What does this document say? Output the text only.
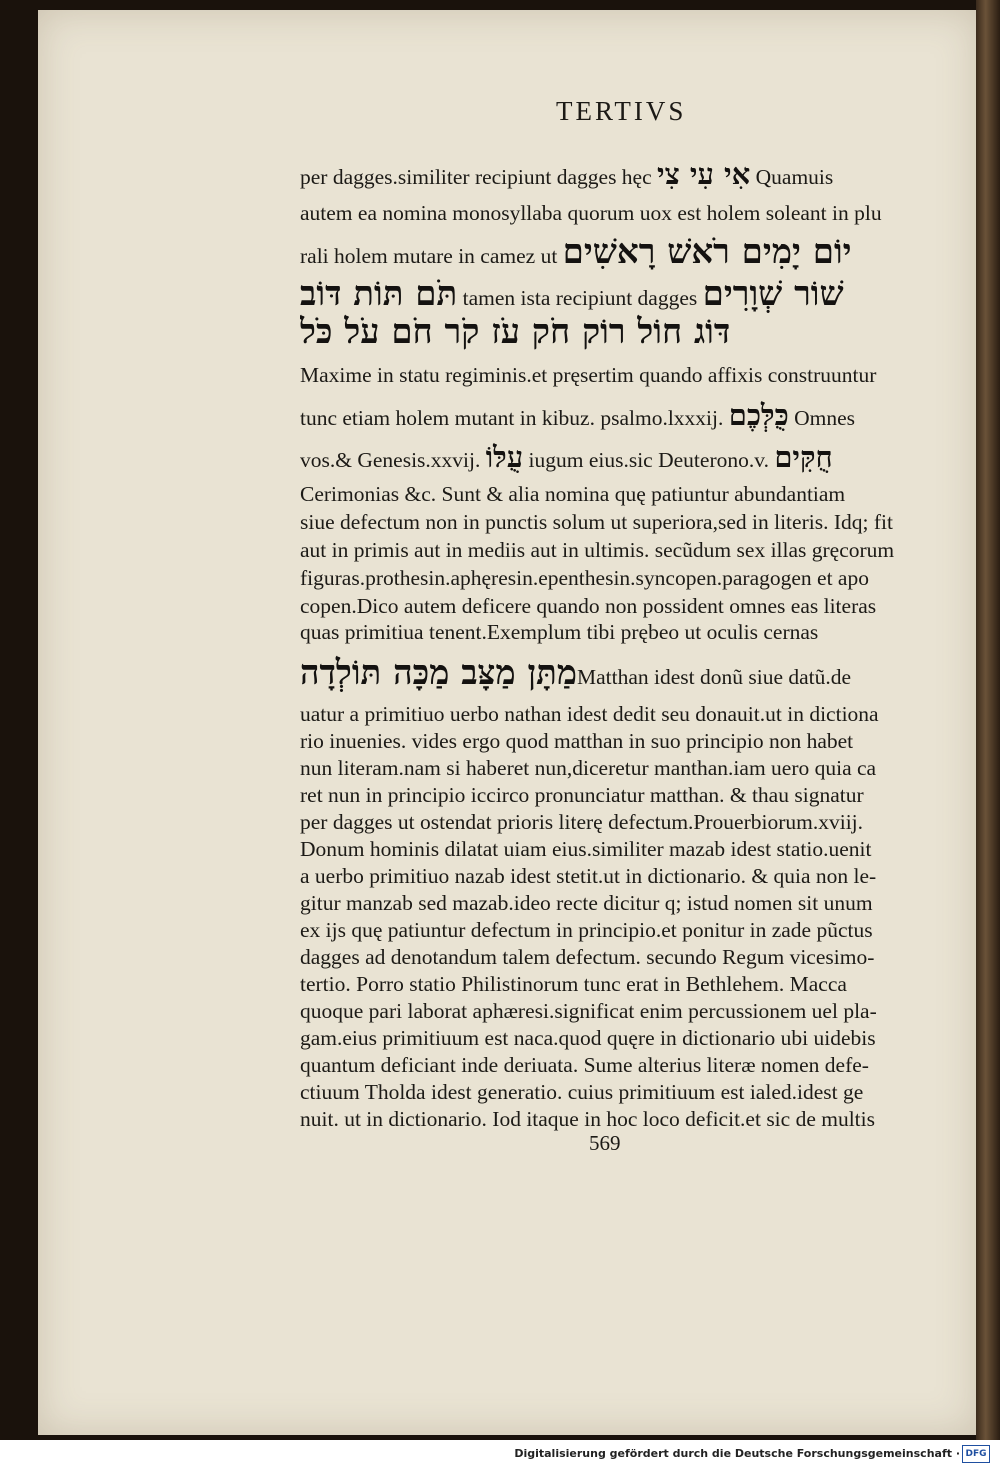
TERTIVS
per dagges.similiter recipiunt dagges hęc אִי עִי צִי Quamuis
autem ea nomina monosyllaba quorum uox est holem soleant in plu
rali holem mutare in camez ut יוֹם יָמִים רֹאשׁ רָאשִׁים
תֹּם תּוֹת דּוֹב tamen ista recipiunt dagges שׁוֹר שְׁוָרִים
דּוֹג חוֹל רוֹק חֹק עֹז קֹר חֹם עֹל כֹּל
Maxime in statu regiminis.et pręsertim quando affixis construuntur
tunc etiam holem mutant in kibuz. psalmo.lxxxij. כֻּלְּכֶם Omnes
vos.& Genesis.xxvij. עֻלּוֹ iugum eius.sic Deuterono.v. חֻקִּים
Cerimonias &c. Sunt & alia nomina quę patiuntur abundantiam
siue defectum non in punctis solum ut superiora,sed in literis. Idq; fit
aut in primis aut in mediis aut in ultimis. secũdum sex illas gręcorum
figuras.prothesin.aphęresin.epenthesin.syncopen.paragogen et apo
copen.Dico autem deficere quando non possident omnes eas literas
quas primitiua tenent.Exemplum tibi prębeo ut oculis cernas
מַתָּן מַצָּב מַכָּה תּוֹלְדָהMatthan idest donũ siue datũ.de
uatur a primitiuo uerbo nathan idest dedit seu donauit.ut in dictiona
rio inuenies. vides ergo quod matthan in suo principio non habet
nun literam.nam si haberet nun,diceretur manthan.iam uero quia ca
ret nun in principio iccirco pronunciatur matthan. & thau signatur
per dagges ut ostendat prioris literę defectum.Prouerbiorum.xviij.
Donum hominis dilatat uiam eius.similiter mazab idest statio.uenit
a uerbo primitiuo nazab idest stetit.ut in dictionario. & quia non le-
gitur manzab sed mazab.ideo recte dicitur q; istud nomen sit unum
ex ijs quę patiuntur defectum in principio.et ponitur in zade pũctus
dagges ad denotandum talem defectum. secundo Regum vicesimo-
tertio. Porro statio Philistinorum tunc erat in Bethlehem. Macca
quoque pari laborat aphæresi.significat enim percussionem uel pla-
gam.eius primitiuum est naca.quod quęre in dictionario ubi uidebis
quantum deficiant inde deriuata. Sume alterius literæ nomen defe-
ctiuum Tholda idest generatio. cuius primitiuum est ialed.idest ge
nuit. ut in dictionario. Iod itaque in hoc loco deficit.et sic de multis
569
Digitalisierung gefördert durch die Deutsche Forschungsgemeinschaft · DFG
